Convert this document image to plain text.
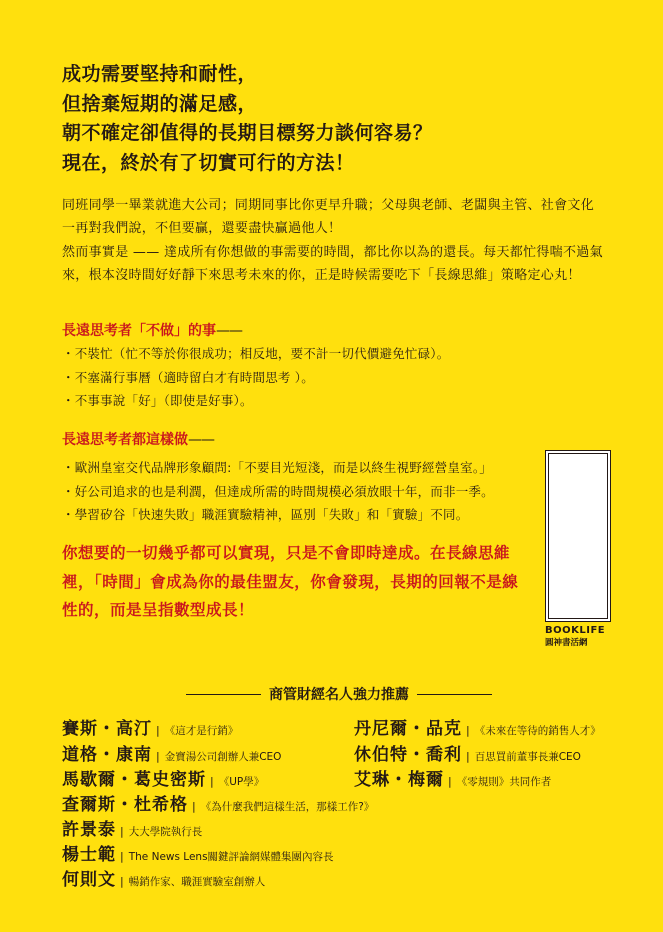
成功需要堅持和耐性，
但捨棄短期的滿足感，
朝不確定卻值得的長期目標努力談何容易？
現在，終於有了切實可行的方法！

同班同學一畢業就進大公司；同期同事比你更早升職；父母與老師、老闆與主管、社會文化一再對我們說，不但要贏，還要盡快贏過他人！

然而事實是 —— 達成所有你想做的事需要的時間，都比你以為的還長。每天都忙得喘不過氣來，根本沒時間好好靜下來思考未來的你，正是時候需要吃下「長線思維」策略定心丸！

長遠思考者「不做」的事——
・不裝忙（忙不等於你很成功；相反地，要不計一切代價避免忙碌）。
・不塞滿行事曆（適時留白才有時間思考 ）。
・不事事說「好」（即使是好事）。
長遠思考者都這樣做——
・歐洲皇室交代品牌形象顧問:「不要目光短淺，而是以終生視野經營皇室。」
・好公司追求的也是利潤，但達成所需的時間規模必須放眼十年，而非一季。
・學習矽谷「快速失敗」職涯實驗精神，區別「失敗」和「實驗」不同。
你想要的一切幾乎都可以實現，只是不會即時達成。在長線思維裡，「時間」會成為你的最佳盟友，你會發現，長期的回報不是線性的，而是呈指數型成長！
BOOKLIFE
圓神書活網
商管財經名人強力推薦
賽斯・高汀 | 《這才是行銷》
道格・康南 | 金寶湯公司創辦人兼CEO
馬歇爾・葛史密斯 | 《UP學》
查爾斯・杜希格 | 《為什麼我們這樣生活，那樣工作?》
許景泰 | 大大學院執行長
楊士範 | The News Lens關鍵評論網媒體集團內容長
何則文 | 暢銷作家、職涯實驗室創辦人
丹尼爾・品克 | 《未來在等待的銷售人才》
休伯特・喬利 | 百思買前董事長兼CEO
艾琳・梅爾 | 《零規則》共同作者
